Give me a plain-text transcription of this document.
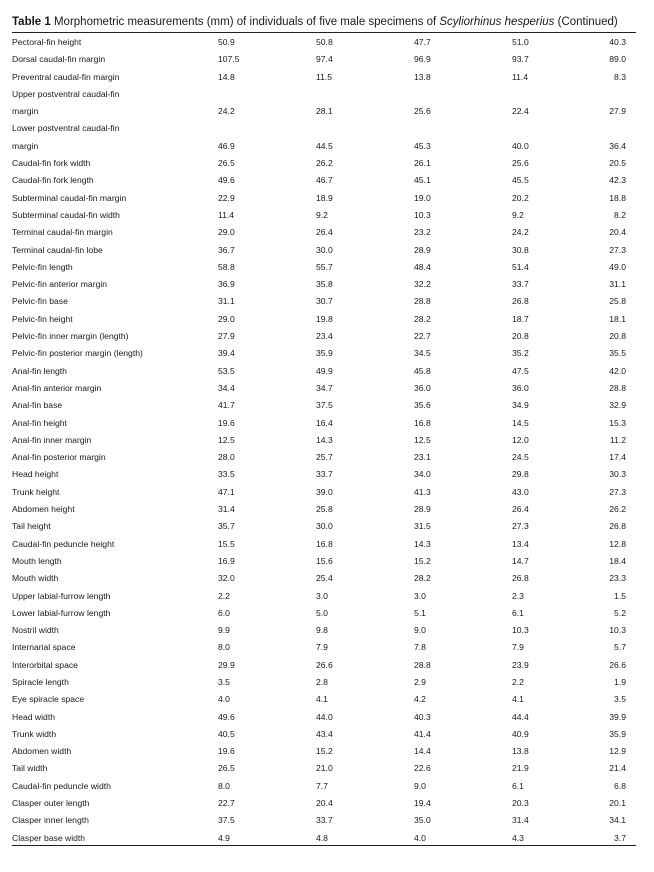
Table 1 Morphometric measurements (mm) of individuals of five male specimens of Scyliorhinus hesperius (Continued)
Pectoral-fin height	50.9	50.8	47.7	51.0	40.3
Dorsal caudal-fin margin	107.5	97.4	96.9	93.7	89.0
Preventral caudal-fin margin	14.8	11.5	13.8	11.4	8.3
Upper postventral caudal-fin					
margin	24.2	28.1	25.6	22.4	27.9
Lower postventral caudal-fin					
margin	46.9	44.5	45.3	40.0	36.4
Caudal-fin fork width	26.5	26.2	26.1	25.6	20.5
Caudal-fin fork length	49.6	46.7	45.1	45.5	42.3
Subterminal caudal-fin margin	22.9	18.9	19.0	20.2	18.8
Subterminal caudal-fin width	11.4	9.2	10.3	9.2	8.2
Terminal caudal-fin margin	29.0	26.4	23.2	24.2	20.4
Terminal caudal-fin lobe	36.7	30.0	28.9	30.8	27.3
Pelvic-fin length	58.8	55.7	48.4	51.4	49.0
Pelvic-fin anterior margin	36.9	35.8	32.2	33.7	31.1
Pelvic-fin base	31.1	30.7	28.8	26.8	25.8
Pelvic-fin height	29.0	19.8	28.2	18.7	18.1
Pelvic-fin inner margin (length)	27.9	23.4	22.7	20.8	20.8
Pelvic-fin posterior margin (length)	39.4	35.9	34.5	35.2	35.5
Anal-fin length	53.5	49.9	45.8	47.5	42.0
Anal-fin anterior margin	34.4	34.7	36.0	36.0	28.8
Anal-fin base	41.7	37.5	35.6	34.9	32.9
Anal-fin height	19.6	16.4	16.8	14.5	15.3
Anal-fin inner margin	12.5	14.3	12.5	12.0	11.2
Anal-fin posterior margin	28.0	25.7	23.1	24.5	17.4
Head height	33.5	33.7	34.0	29.8	30.3
Trunk height	47.1	39.0	41.3	43.0	27.3
Abdomen height	31.4	25.8	28.9	26.4	26.2
Tail height	35.7	30.0	31.5	27.3	26.8
Caudal-fin peduncle height	15.5	16.8	14.3	13.4	12.8
Mouth length	16.9	15.6	15.2	14.7	18.4
Mouth width	32.0	25.4	28.2	26.8	23.3
Upper labial-furrow length	2.2	3.0	3.0	2.3	1.5
Lower labial-furrow length	6.0	5.0	5.1	6.1	5.2
Nostril width	9.9	9.8	9.0	10.3	10.3
Internarial space	8.0	7.9	7.8	7.9	5.7
Interorbital space	29.9	26.6	28.8	23.9	26.6
Spiracle length	3.5	2.8	2.9	2.2	1.9
Eye spiracle space	4.0	4.1	4.2	4.1	3.5
Head width	49.6	44.0	40.3	44.4	39.9
Trunk width	40.5	43.4	41.4	40.9	35.9
Abdomen width	19.6	15.2	14.4	13.8	12.9
Tail width	26.5	21.0	22.6	21.9	21.4
Caudal-fin peduncle width	8.0	7.7	9.0	6.1	6.8
Clasper outer length	22.7	20.4	19.4	20.3	20.1
Clasper inner length	37.5	33.7	35.0	31.4	34.1
Clasper base width	4.9	4.8	4.0	4.3	3.7
